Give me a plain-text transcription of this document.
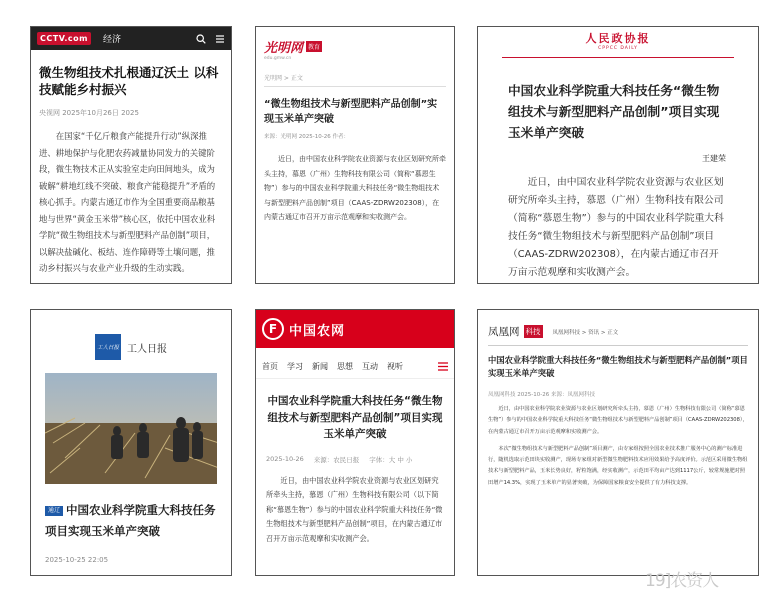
CCTV.com	经济
微生物组技术扎根通辽沃土 以科技赋能乡村振兴
央视网 2025年10月26日 2025
在国家“千亿斤粮食产能提升行动”纵深推进、耕地保护与化肥农药减量协同发力的关键阶段，微生物技术正从实验室走向田间地头，成为破解“耕地红线不突破、粮食产能稳提升”矛盾的核心抓手。内蒙古通辽市作为全国重要商品粮基地与世界“黄金玉米带”核心区，依托中国农业科学院“微生物组技术与新型肥料产品创制”项目，以解决盐碱化、板结、连作障碍等土壤问题，推动乡村振兴与农业产业升级的生动实践。
光明网 教育
edu.gmw.cn
光明网 > 正文
“微生物组技术与新型肥料产品创制”实现玉米单产突破
来源：光明网 2025-10-26 作者：
近日，由中国农业科学院农业资源与农业区划研究所牵头主持，慕恩（广州）生物科技有限公司（简称“慕恩生物”）参与的中国农业科学院重大科技任务“微生物组技术与新型肥料产品创制”项目（CAAS-ZDRW202308），在内蒙古通辽市召开万亩示范观摩和实收测产会。
人民政协报
CPPCC DAILY
中国农业科学院重大科技任务“微生物组技术与新型肥料产品创制”项目实现玉米单产突破
王建荣
近日，由中国农业科学院农业资源与农业区划研究所牵头主持，慕恩（广州）生物科技有限公司（简称“慕恩生物”）参与的中国农业科学院重大科技任务“微生物组技术与新型肥料产品创制”项目（CAAS-ZDRW202308），在内蒙古通辽市召开万亩示范观摩和实收测产会。
工人日报 工人日报
通辽 中国农业科学院重大科技任务项目实现玉米单产突破
2025-10-25 22:05
F 中国农网
首页 学习 新闻 思想 互动 视听
中国农业科学院重大科技任务“微生物组技术与新型肥料产品创制”项目实现玉米单产突破
2025-10-26 来源：农民日报 字体：大 中 小
近日，由中国农业科学院农业资源与农业区划研究所牵头主持，慕恩（广州）生物科技有限公司（以下简称“慕恩生物”）参与的中国农业科学院重大科技任务“微生物组技术与新型肥料产品创制”项目，在内蒙古通辽市召开万亩示范观摩和实收测产会。
凤凰网 科技	凤凰网科技 > 资讯 > 正文
中国农业科学院重大科技任务“微生物组技术与新型肥料产品创制”项目实现玉米单产突破
凤凰网科技 2025-10-26 来源：凤凰网科技
近日，由中国农业科学院农业资源与农业区划研究所牵头主持，慕恩（广州）生物科技有限公司（简称“慕恩生物”）参与的中国农业科学院重大科技任务“微生物组技术与新型肥料产品创制”项目（CAAS-ZDRW202308），在内蒙古通辽市召开万亩示范观摩和实收测产会。
本次“微生物组技术与新型肥料产品创制”项目测产，由专家组按照全国农业技术推广服务中心的测产标准进行，随机选取示范田块实收测产，现场专家组对新型微生物肥料技术应用效果给予高度评价。示范区采用微生物组技术与新型肥料产品，玉米长势良好，籽粒饱满，经实收测产，示范田平均亩产达到1117公斤，较常规施肥对照田增产14.3%，实现了玉米单产的显著突破，为保障国家粮食安全提供了有力科技支撑。
19]农资人
